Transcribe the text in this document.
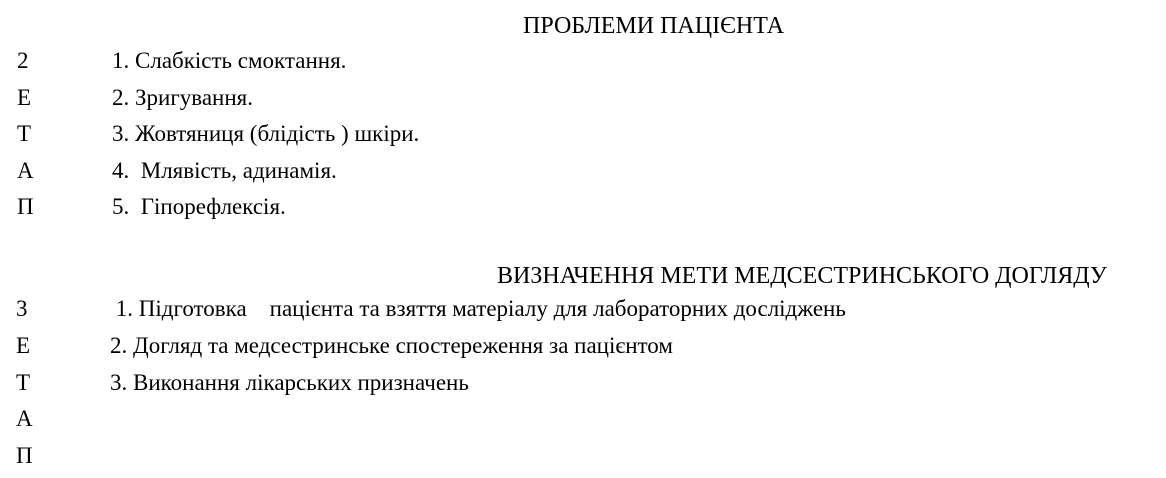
ПРОБЛЕМИ ПАЦІЄНТА
2
Е
Т
А
П
1. Слабкість смоктання.
2. Зригування.
3. Жовтяниця (блідість ) шкіри.
4.  Млявість, адинамія.
5.  Гіпорефлексія.
ВИЗНАЧЕННЯ МЕТИ МЕДСЕСТРИНСЬКОГО ДОГЛЯДУ
3
Е
Т
А
П
1. Підготовка    пацієнта та взяття матеріалу для лабораторних досліджень
2. Догляд та медсестринське спостереження за пацієнтом
3. Виконання лікарських призначень
